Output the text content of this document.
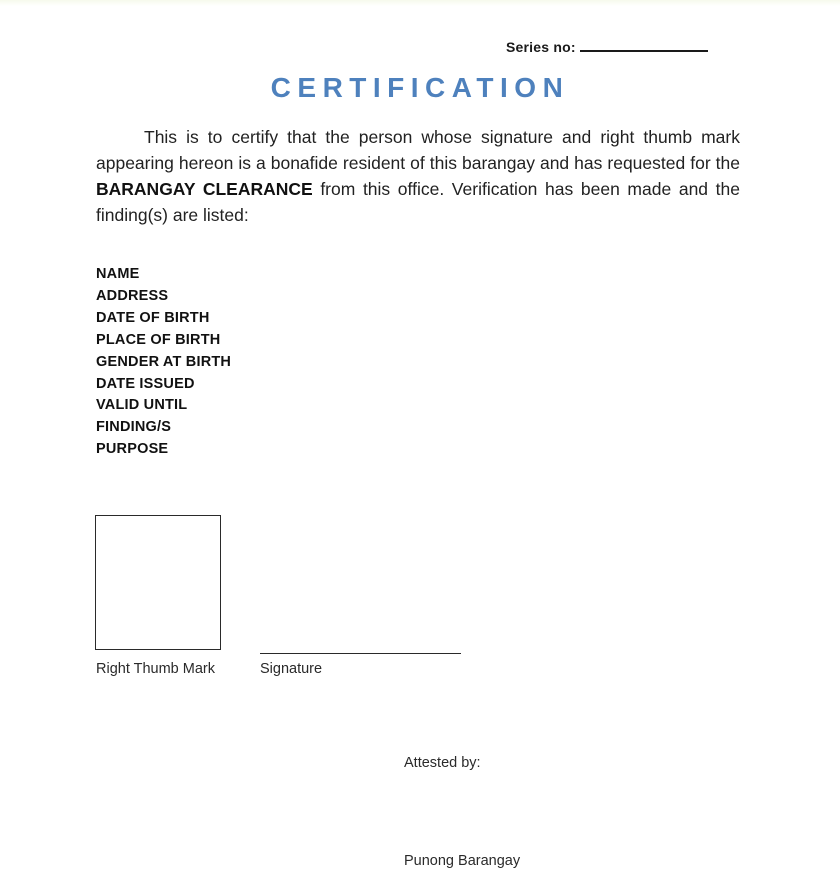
Series no:
CERTIFICATION
This is to certify that the person whose signature and right thumb mark appearing hereon is a bonafide resident of this barangay and has requested for the BARANGAY CLEARANCE from this office. Verification has been made and the finding(s) are listed:
NAME
ADDRESS
DATE OF BIRTH
PLACE OF BIRTH
GENDER AT BIRTH
DATE ISSUED
VALID UNTIL
FINDING/S
PURPOSE
Right Thumb Mark	Signature
Attested by:
Punong Barangay
